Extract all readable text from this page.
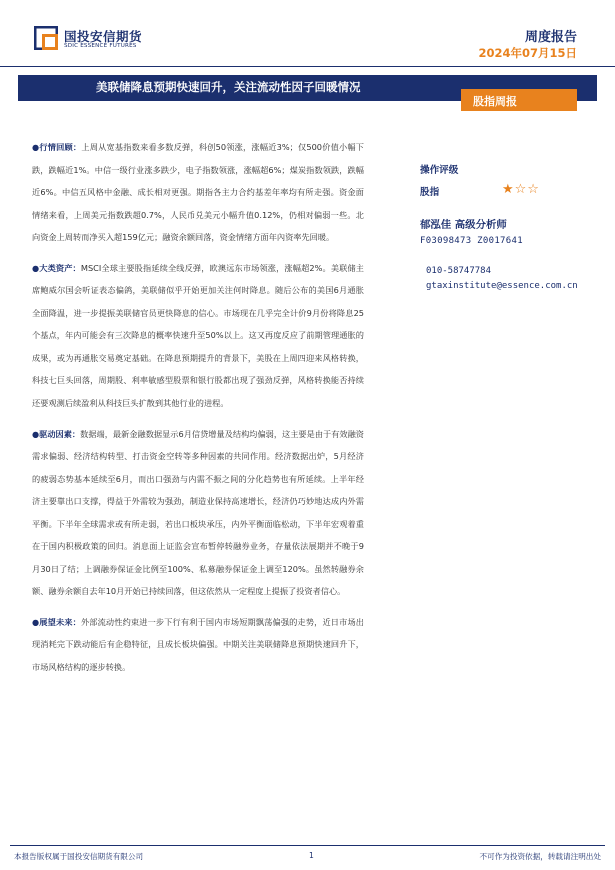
国投安信期货
SDIC ESSENCE FUTURES
周度报告
2024年07月15日
美联储降息预期快速回升，关注流动性因子回暖情况
股指周报

●行情回顾：上周从宽基指数来看多数反弹，科创50领涨，涨幅近3%；仅500价值小幅下跌，跌幅近1%。中信一级行业涨多跌少，电子指数领涨，涨幅超6%；煤炭指数领跌，跌幅近6%。中信五风格中金融、成长相对更强。期指各主力合约基差年率均有所走强。资金面情绪来看，上周美元指数跌超0.7%，人民币兑美元小幅升值0.12%，仍相对偏弱一些。北向资金上周转而净买入超159亿元；融资余额回落，资金情绪方面年內资率先回暖。

●大类资产：MSCI全球主要股指延续全线反弹，欧澳远东市场领涨，涨幅超2%。美联储主席鲍威尔国会听证表态偏鸽，美联储似乎开始更加关注何时降息。随后公布的美国6月通胀全面降温，进一步提振美联储官员更快降息的信心。市场现在几乎完全计价9月份将降息25个基点，年内可能会有三次降息的概率快速升至50%以上。这又再度反应了前期管理通胀的成果，或为再通胀交易奠定基础。在降息预期提升的背景下，美股在上周四迎来风格转换，科技七巨头回落，周期股、利率敏感型股票和银行股都出现了强劲反弹，风格转换能否持续还要观测后续盈利从科技巨头扩散到其他行业的进程。

●驱动因素：数据端，最新金融数据显示6月信贷增量及结构均偏弱，这主要是由于有效融资需求偏弱、经济结构转型、打击资金空转等多种因素的共同作用。经济数据出炉，5月经济的疲弱态势基本延续至6月，而出口强劲与内需不振之间的分化趋势也有所延续。上半年经济主要靠出口支撑，得益于外需较为强劲，制造业保持高速增长，经济仍巧妙地达成内外需平衡。下半年全球需求或有所走弱，若出口板块承压，内外平衡面临松动，下半年宏观着重在于国内积极政策的回归。消息面上证监会宣布暂停转融券业务，存量依法展期并不晚于9月30日了结；上调融券保证金比例至100%、私募融券保证金上调至120%。虽然转融券余额、融券余额自去年10月开始已持续回落，但这依然从一定程度上提振了投资者信心。

●展望未来：外部流动性约束进一步下行有利于国内市场短期飘荡偏强的走势，近日市场出现消耗完下跌动能后有企稳特征，且成长板块偏强。中期关注美联储降息预期快速回升下，市场风格结构的逐步转换。

操作评级
股指	★☆☆
郁泓佳 高级分析师
F03098473 Z0017641
010-58747784
gtaxinstitute@essence.com.cn
本报告版权属于国投安信期货有限公司	1	不可作为投资依据，转载请注明出处
